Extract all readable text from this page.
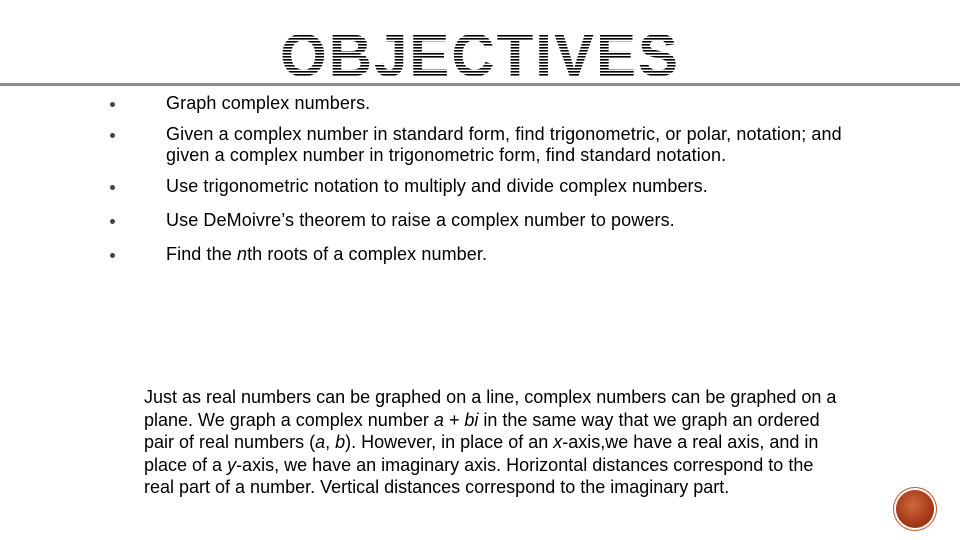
OBJECTIVES
Graph complex numbers.
Given a complex number in standard form, find trigonometric, or polar, notation; and given a complex number in trigonometric form, find standard notation.
Use trigonometric notation to multiply and divide complex numbers.
Use DeMoivre’s theorem to raise a complex number to powers.
Find the nth roots of a complex number.

Just as real numbers can be graphed on a line, complex numbers can be graphed on a plane. We graph a complex number a + bi in the same way that we graph an ordered pair of real numbers (a, b). However, in place of an x-axis,we have a real axis, and in place of a y-axis, we have an imaginary axis. Horizontal distances correspond to the real part of a number. Vertical distances correspond to the imaginary part.
